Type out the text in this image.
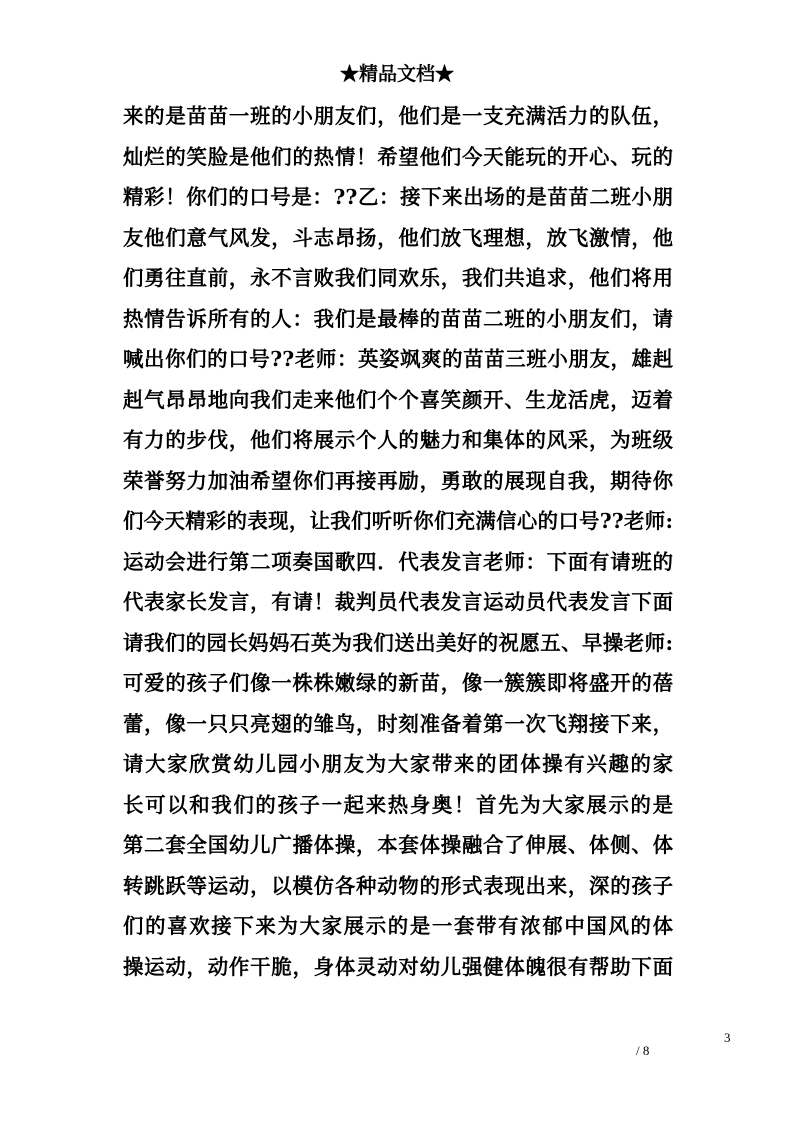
★精品文档★
来的是苗苗一班的小朋友们，他们是一支充满活力的队伍，
灿烂的笑脸是他们的热情！希望他们今天能玩的开心、玩的
精彩！你们的口号是：??乙：接下来出场的是苗苗二班小朋
友他们意气风发，斗志昂扬，他们放飞理想，放飞激情，他
们勇往直前，永不言败我们同欢乐，我们共追求，他们将用
热情告诉所有的人：我们是最棒的苗苗二班的小朋友们，请
喊出你们的口号??老师：英姿飒爽的苗苗三班小朋友，雄赳
赳气昂昂地向我们走来他们个个喜笑颜开、生龙活虎，迈着
有力的步伐，他们将展示个人的魅力和集体的风采，为班级
荣誉努力加油希望你们再接再励，勇敢的展现自我，期待你
们今天精彩的表现，让我们听听你们充满信心的口号??老师:
运动会进行第二项奏国歌四．代表发言老师：下面有请班的
代表家长发言，有请！裁判员代表发言运动员代表发言下面
请我们的园长妈妈石英为我们送出美好的祝愿五、早操老师:
可爱的孩子们像一株株嫩绿的新苗，像一簇簇即将盛开的蓓
蕾，像一只只亮翅的雏鸟，时刻准备着第一次飞翔接下来，
请大家欣赏幼儿园小朋友为大家带来的团体操有兴趣的家
长可以和我们的孩子一起来热身奥！首先为大家展示的是
第二套全国幼儿广播体操，本套体操融合了伸展、体侧、体
转跳跃等运动，以模仿各种动物的形式表现出来，深的孩子
们的喜欢接下来为大家展示的是一套带有浓郁中国风的体
操运动，动作干脆，身体灵动对幼儿强健体魄很有帮助下面
3
/ 8
